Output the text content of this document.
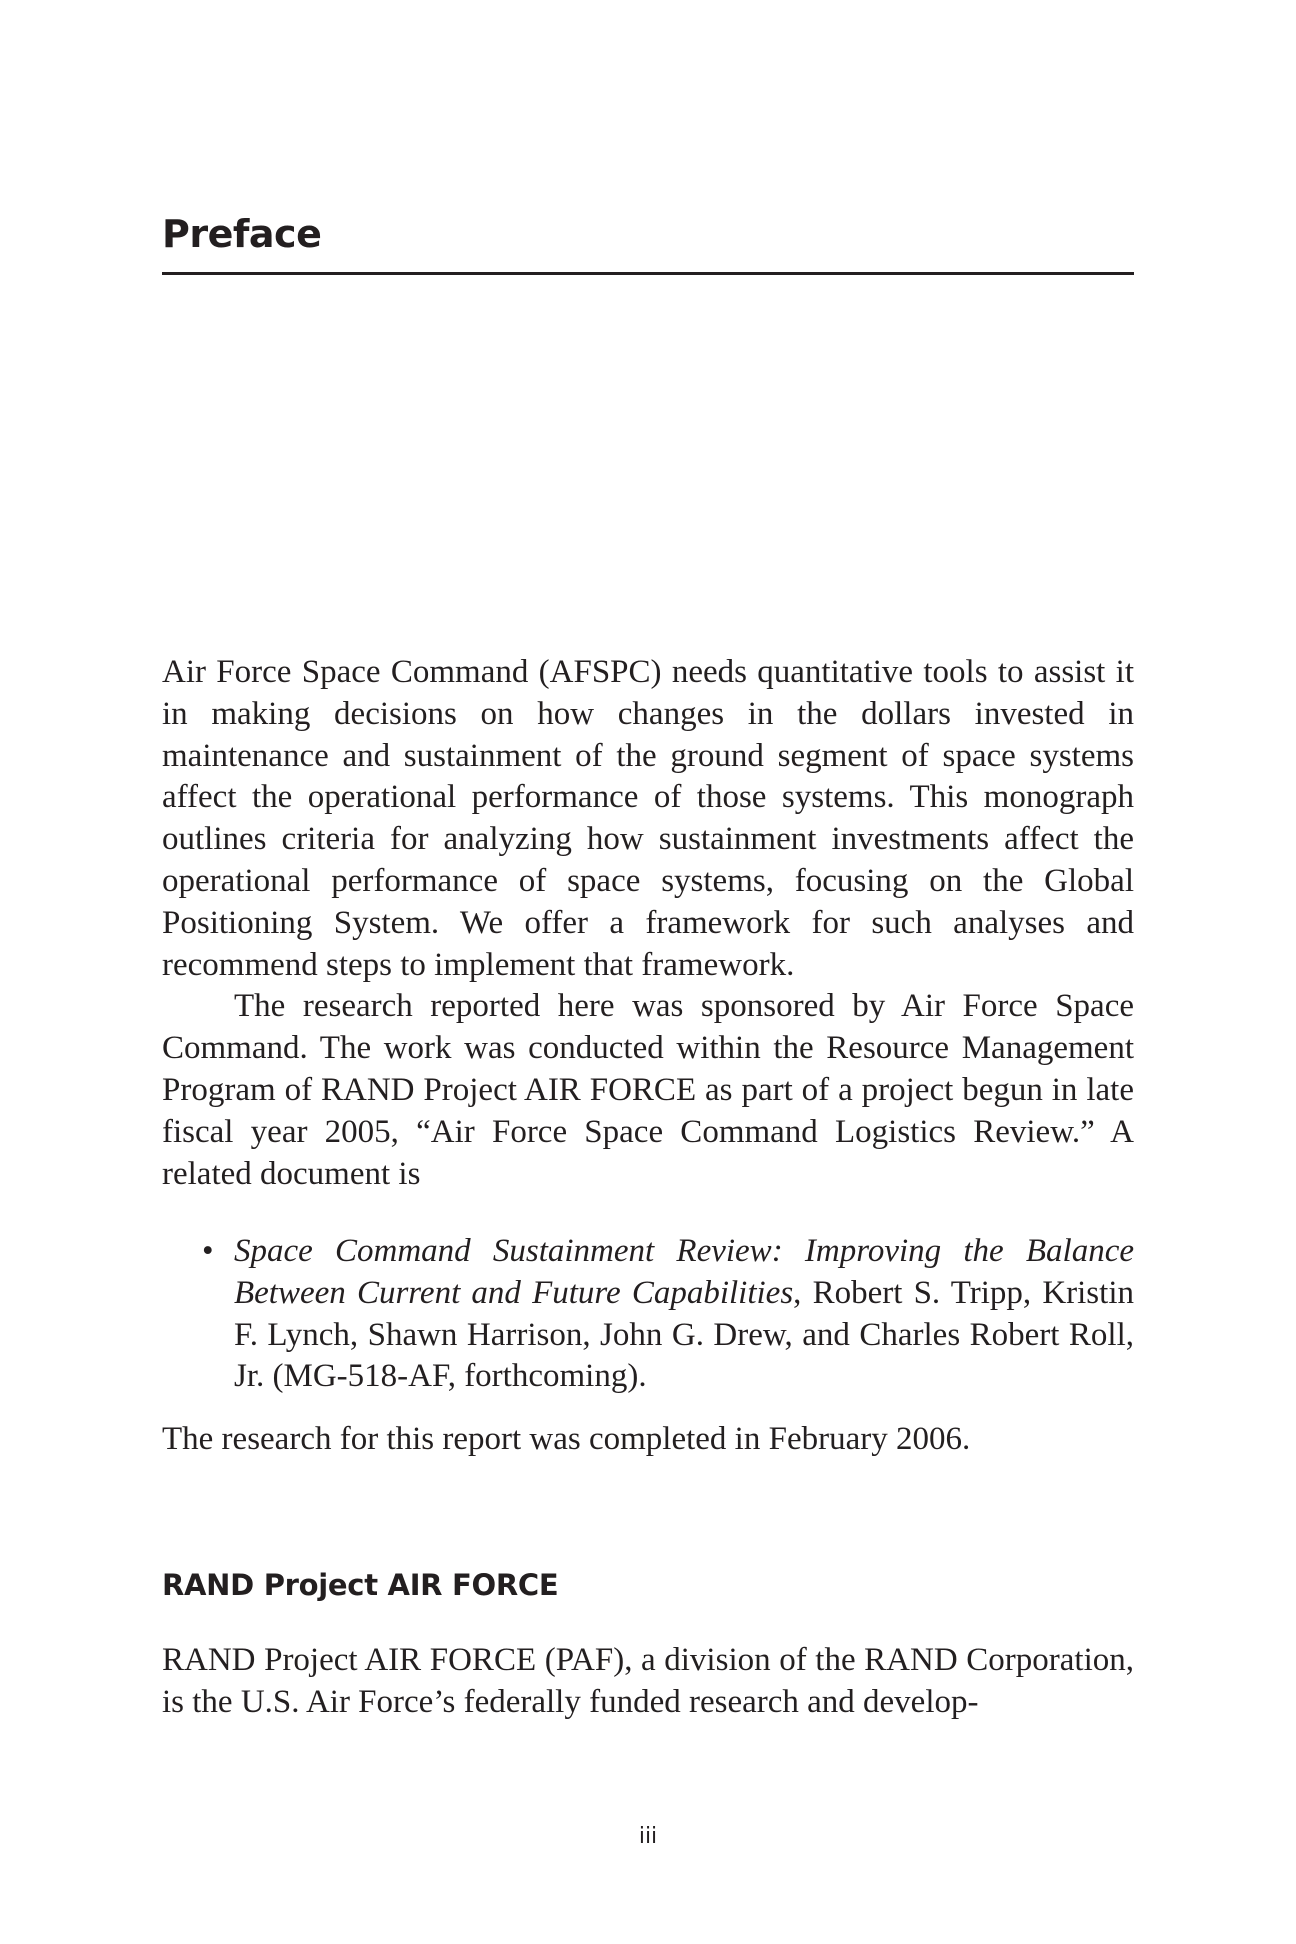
Preface

Air Force Space Command (AFSPC) needs quantitative tools to assist it in making decisions on how changes in the dollars invested in maintenance and sustainment of the ground segment of space systems affect the operational performance of those systems. This monograph outlines criteria for analyzing how sustainment investments affect the operational performance of space systems, focusing on the Global Positioning System. We offer a framework for such analyses and recommend steps to implement that framework.

The research reported here was sponsored by Air Force Space Command. The work was conducted within the Resource Management Program of RAND Project AIR FORCE as part of a project begun in late fiscal year 2005, “Air Force Space Command Logistics Review.” A related document is

• Space Command Sustainment Review: Improving the Balance Between Current and Future Capabilities, Robert S. Tripp, Kristin F. Lynch, Shawn Harrison, John G. Drew, and Charles Robert Roll, Jr. (MG-518-AF, forthcoming).

The research for this report was completed in February 2006.

RAND Project AIR FORCE

RAND Project AIR FORCE (PAF), a division of the RAND Corporation, is the U.S. Air Force’s federally funded research and develop-

iii
